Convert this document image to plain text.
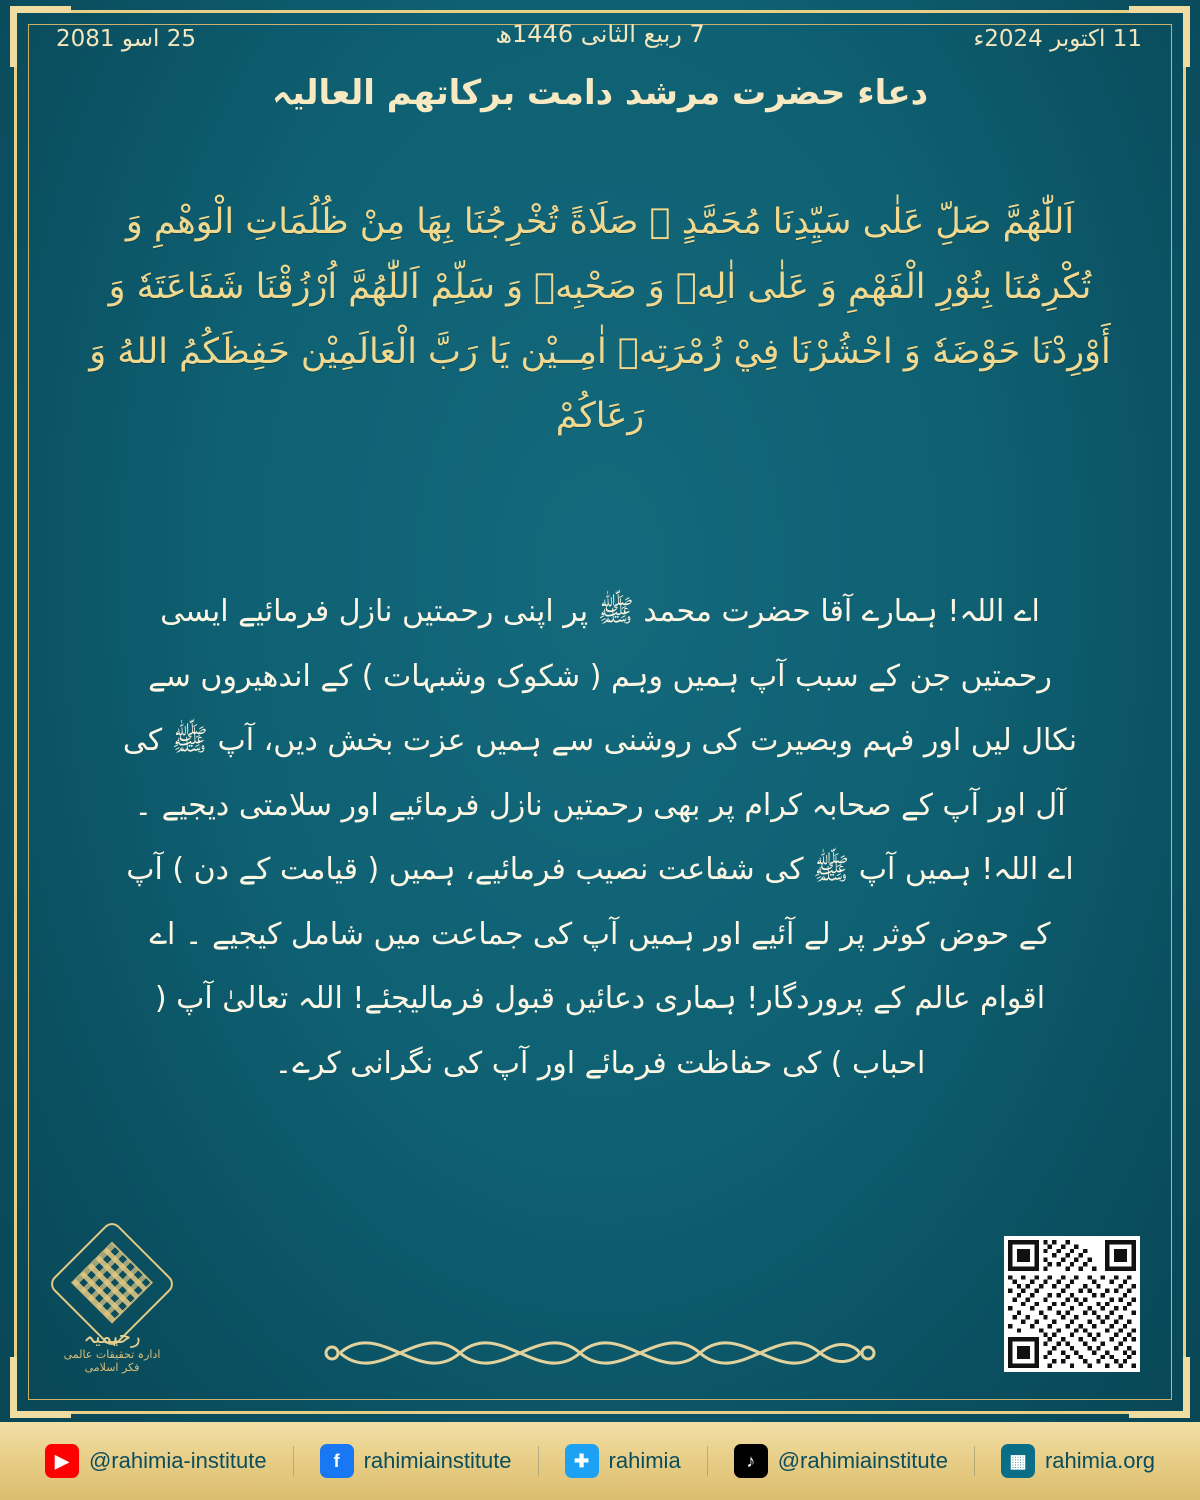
11 اکتوبر 2024ء
7 ربیع الثانی 1446ھ
25 اسو 2081
دعاء حضرت مرشد دامت برکاتھم العالیہ
اَللّٰهُمَّ صَلِّ عَلٰى سَيِّدِنَا مُحَمَّدٍ ﷺ صَلَاةً تُخْرِجُنَا بِهَا مِنْ ظُلُمَاتِ الْوَهْمِ وَ تُكْرِمُنَا بِنُوْرِ الْفَهْمِ وَ عَلٰى اٰلِهٖ وَ صَحْبِهٖ وَ سَلِّمْ اَللّٰهُمَّ اُرْزُقْنَا شَفَاعَتَهٗ وَ أَوْرِدْنَا حَوْضَهٗ وَ احْشُرْنَا فِيْ زُمْرَتِهٖ اٰمِــيْن يَا رَبَّ الْعَالَمِيْن حَفِظَكُمُ اللهُ وَ رَعَاكُمْ
اے اللہ! ہمارے آقا حضرت محمد ﷺ پر اپنی رحمتیں نازل فرمائیے ایسی رحمتیں جن کے سبب آپ ہمیں وہم ( شکوک وشبہات ) کے اندھیروں سے نکال لیں اور فہم وبصیرت کی روشنی سے ہمیں عزت بخش دیں، آپ ﷺ کی آل اور آپ کے صحابہ کرام پر بھی رحمتیں نازل فرمائیے اور سلامتی دیجیے ۔ اے اللہ! ہمیں آپ ﷺ کی شفاعت نصیب فرمائیے، ہمیں ( قیامت کے دن ) آپ کے حوض کوثر پر لے آئیے اور ہمیں آپ کی جماعت میں شامل کیجیے ۔ اے اقوام عالم کے پروردگار! ہماری دعائیں قبول فرمالیجئے! اللہ تعالیٰ آپ ( احباب ) کی حفاظت فرمائے اور آپ کی نگرانی کرے۔
رحیمیہ
ادارہ تحقیقات عالمی فکر اسلامی
▶ @rahimia-institute	f	rahimiainstitute	✚ rahimia	♪	@rahimiainstitute	▦ rahimia.org
